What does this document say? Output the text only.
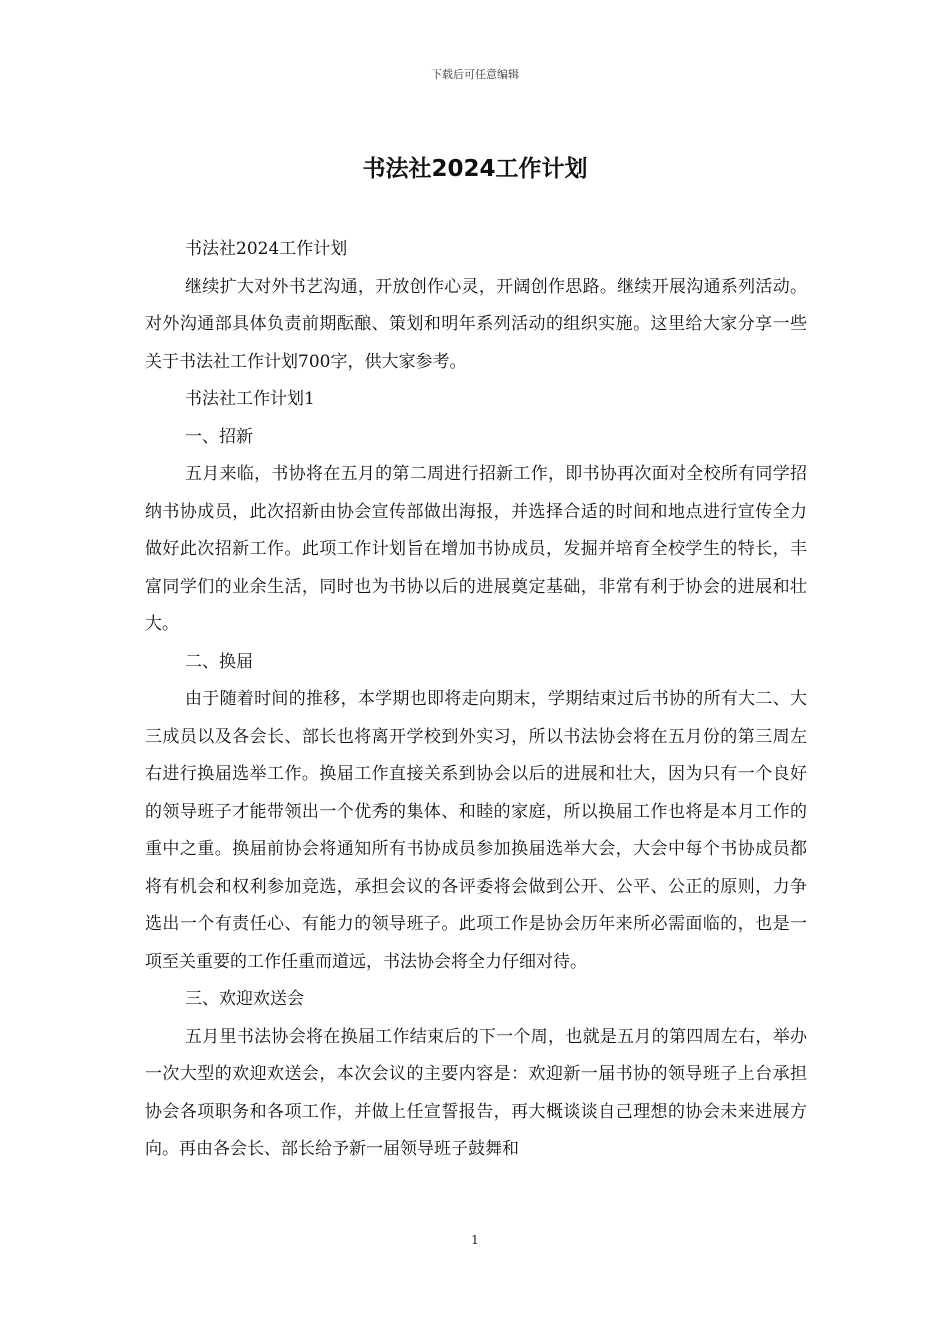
下载后可任意编辑
书法社2024工作计划

书法社2024工作计划

继续扩大对外书艺沟通，开放创作心灵，开阔创作思路。继续开展沟通系列活动。对外沟通部具体负责前期酝酿、策划和明年系列活动的组织实施。这里给大家分享一些关于书法社工作计划700字，供大家参考。

书法社工作计划1

一、招新

五月来临，书协将在五月的第二周进行招新工作，即书协再次面对全校所有同学招纳书协成员，此次招新由协会宣传部做出海报，并选择合适的时间和地点进行宣传全力做好此次招新工作。此项工作计划旨在增加书协成员，发掘并培育全校学生的特长，丰富同学们的业余生活，同时也为书协以后的进展奠定基础，非常有利于协会的进展和壮大。

二、换届

由于随着时间的推移，本学期也即将走向期末，学期结束过后书协的所有大二、大三成员以及各会长、部长也将离开学校到外实习，所以书法协会将在五月份的第三周左右进行换届选举工作。换届工作直接关系到协会以后的进展和壮大，因为只有一个良好的领导班子才能带领出一个优秀的集体、和睦的家庭，所以换届工作也将是本月工作的重中之重。换届前协会将通知所有书协成员参加换届选举大会，大会中每个书协成员都将有机会和权利参加竞选，承担会议的各评委将会做到公开、公平、公正的原则，力争选出一个有责任心、有能力的领导班子。此项工作是协会历年来所必需面临的，也是一项至关重要的工作任重而道远，书法协会将全力仔细对待。

三、欢迎欢送会

五月里书法协会将在换届工作结束后的下一个周，也就是五月的第四周左右，举办一次大型的欢迎欢送会，本次会议的主要内容是：欢迎新一届书协的领导班子上台承担协会各项职务和各项工作，并做上任宣誓报告，再大概谈谈自己理想的协会未来进展方向。再由各会长、部长给予新一届领导班子鼓舞和

1
